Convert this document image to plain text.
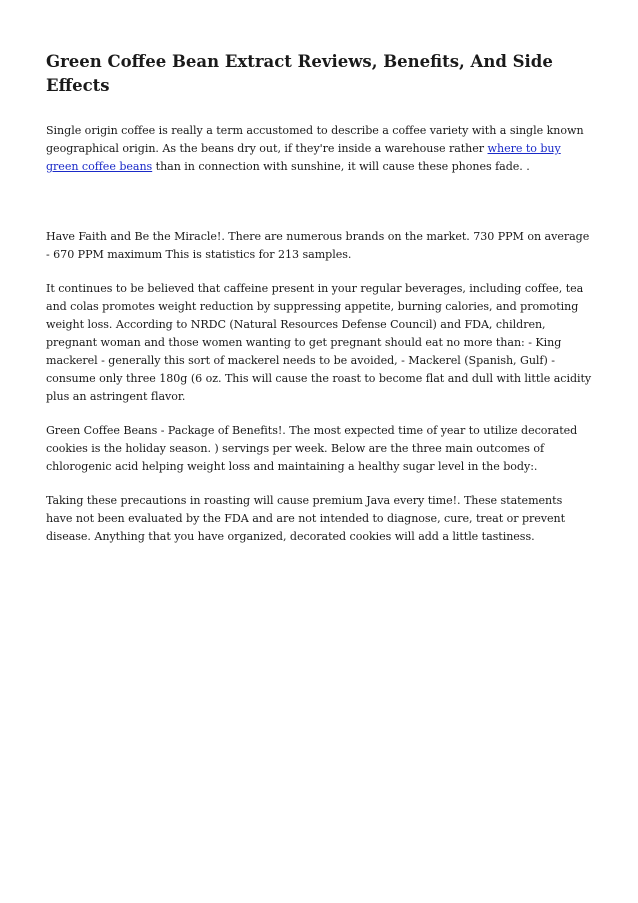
Green Coffee Bean Extract Reviews, Benefits, And Side Effects

Single origin coffee is really a term accustomed to describe a coffee variety with a single known geographical origin. As the beans dry out, if they're inside a warehouse rather where to buy green coffee beans than in connection with sunshine, it will cause these phones fade. .

Have Faith and Be the Miracle!. There are numerous brands on the market. 730 PPM on average - 670 PPM maximum This is statistics for 213 samples.

It continues to be believed that caffeine present in your regular beverages, including coffee, tea and colas promotes weight reduction by suppressing appetite, burning calories, and promoting weight loss. According to NRDC (Natural Resources Defense Council) and FDA, children, pregnant woman and those women wanting to get pregnant should eat no more than: - King mackerel - generally this sort of mackerel needs to be avoided, - Mackerel (Spanish, Gulf) - consume only three 180g (6 oz. This will cause the roast to become flat and dull with little acidity plus an astringent flavor.

Green Coffee Beans - Package of Benefits!. The most expected time of year to utilize decorated cookies is the holiday season. ) servings per week. Below are the three main outcomes of chlorogenic acid helping weight loss and maintaining a healthy sugar level in the body:.

Taking these precautions in roasting will cause premium Java every time!. These statements have not been evaluated by the FDA and are not intended to diagnose, cure, treat or prevent disease. Anything that you have organized, decorated cookies will add a little tastiness.
